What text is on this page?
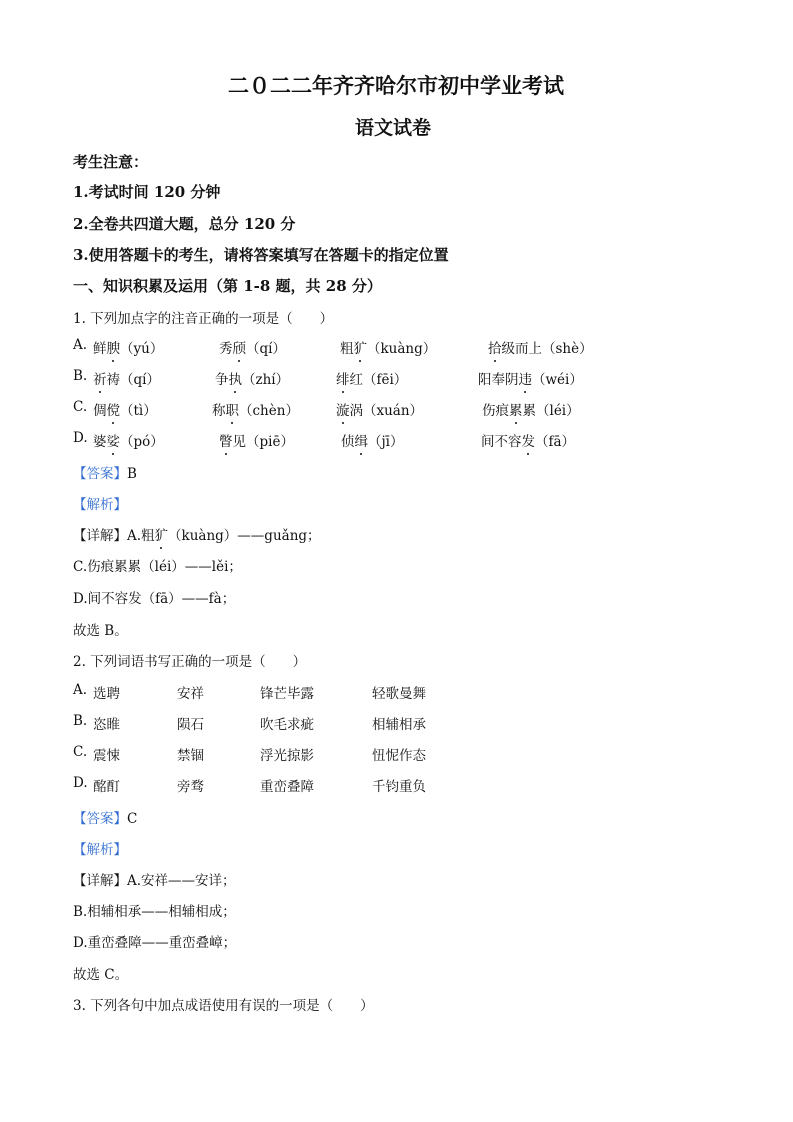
二０二二年齐齐哈尔市初中学业考试
语文试卷
考生注意：
1.考试时间 120 分钟
2.全卷共四道大题，总分 120 分
3.使用答题卡的考生，请将答案填写在答题卡的指定位置
一、知识积累及运用（第 1-8 题，共 28 分）
1. 下列加点字的注音正确的一项是（　　）
A. 鲜腴（yú）	秀颀（qí）	粗犷（kuàng）	拾级而上（shè）
B. 祈祷（qí）	争执（zhí）	绯红（fēi）	阳奉阴违（wéi）
C. 倜傥（tì）	称职（chèn）	漩涡（xuán）	伤痕累累（léi）
D. 婆娑（pó）	瞥见（piē）	侦缉（jī）	间不容发（fā）
【答案】B
【解析】
【详解】A.粗犷（kuàng）——guǎng；
C.伤痕累累（léi）——lěi；
D.间不容发（fā）——fà；
故选 B。
2. 下列词语书写正确的一项是（　　）
A. 选聘	安祥	锋芒毕露	轻歌曼舞
B. 恣睢	陨石	吹毛求疵	相辅相承
C. 震悚	禁锢	浮光掠影	忸怩作态
D. 酩酊	旁骛	重峦叠障	千钧重负
【答案】C
【解析】
【详解】A.安祥——安详；
B.相辅相承——相辅相成；
D.重峦叠障——重峦叠嶂；
故选 C。
3. 下列各句中加点成语使用有误的一项是（　　）
